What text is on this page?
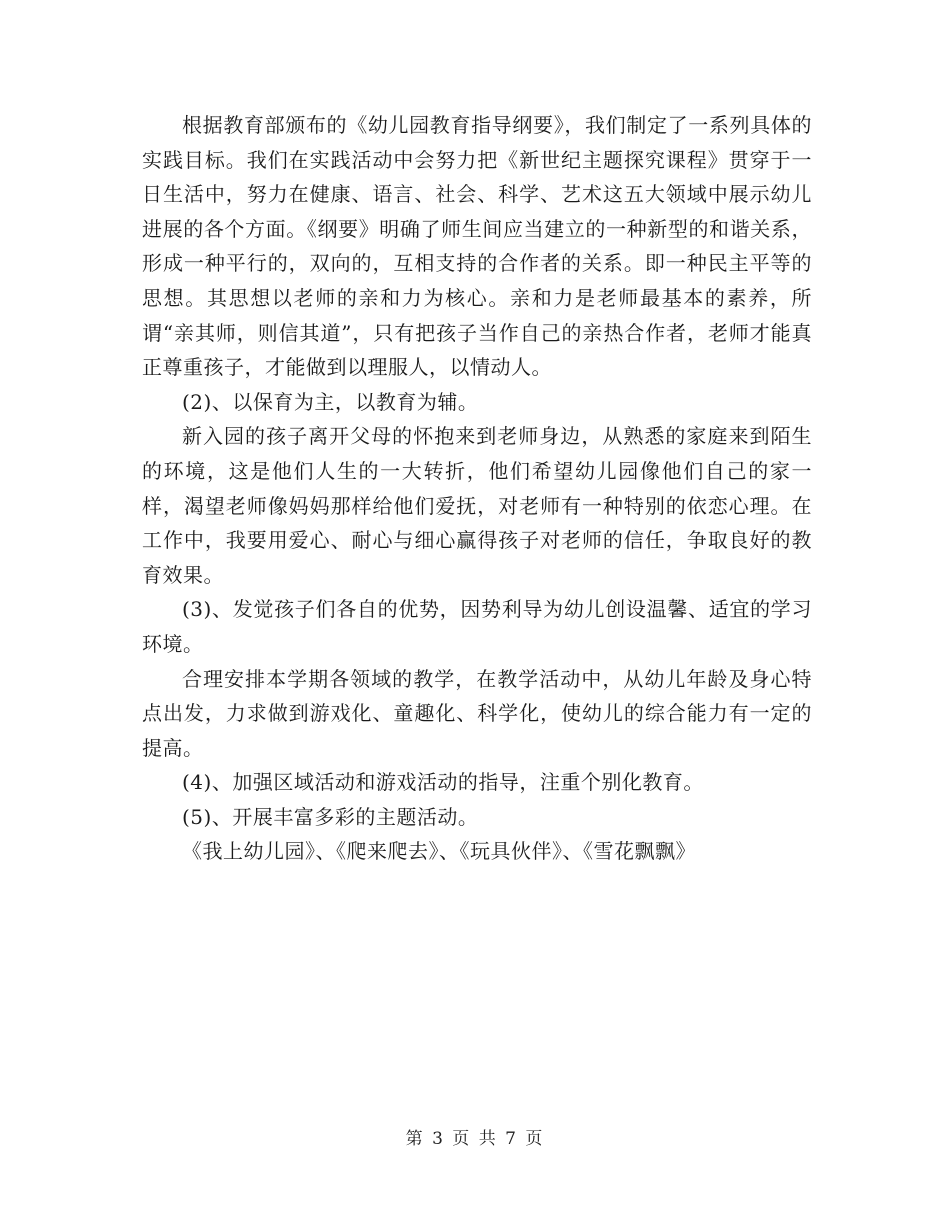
根据教育部颁布的《幼儿园教育指导纲要》，我们制定了一系列具体的实践目标。我们在实践活动中会努力把《新世纪主题探究课程》贯穿于一日生活中，努力在健康、语言、社会、科学、艺术这五大领域中展示幼儿进展的各个方面。《纲要》明确了师生间应当建立的一种新型的和谐关系，形成一种平行的，双向的，互相支持的合作者的关系。即一种民主平等的思想。其思想以老师的亲和力为核心。亲和力是老师最基本的素养，所谓“亲其师，则信其道”，只有把孩子当作自己的亲热合作者，老师才能真正尊重孩子，才能做到以理服人，以情动人。

(2)、以保育为主，以教育为辅。

新入园的孩子离开父母的怀抱来到老师身边，从熟悉的家庭来到陌生的环境，这是他们人生的一大转折，他们希望幼儿园像他们自己的家一样，渴望老师像妈妈那样给他们爱抚，对老师有一种特别的依恋心理。在工作中，我要用爱心、耐心与细心赢得孩子对老师的信任，争取良好的教育效果。

(3)、发觉孩子们各自的优势，因势利导为幼儿创设温馨、适宜的学习环境。

合理安排本学期各领域的教学，在教学活动中，从幼儿年龄及身心特点出发，力求做到游戏化、童趣化、科学化，使幼儿的综合能力有一定的提高。

(4)、加强区域活动和游戏活动的指导，注重个别化教育。

(5)、开展丰富多彩的主题活动。

《我上幼儿园》、《爬来爬去》、《玩具伙伴》、《雪花飘飘》

第 3 页 共 7 页
